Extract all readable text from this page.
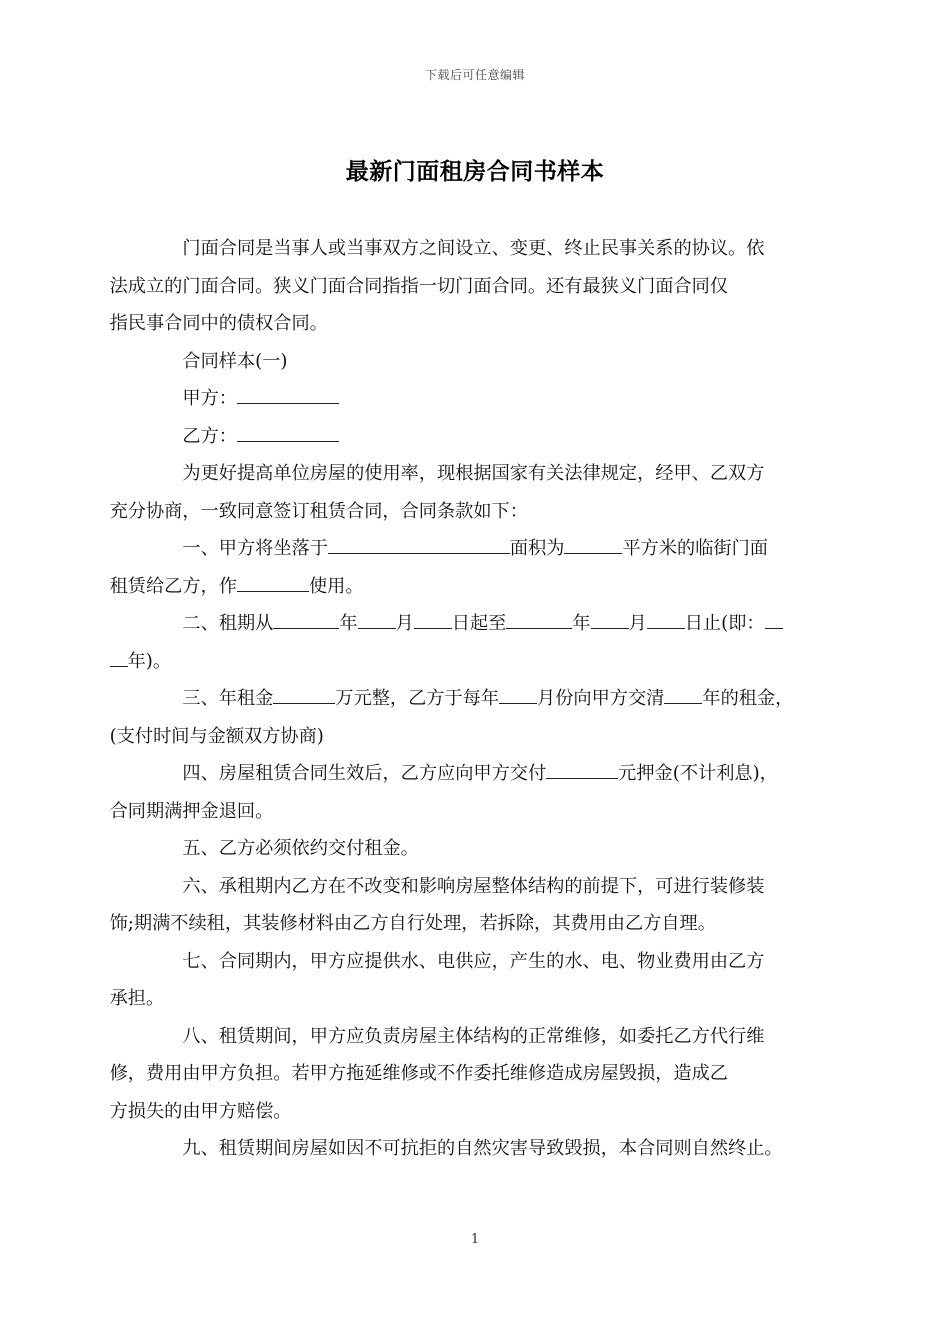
下载后可任意编辑
最新门面租房合同书样本

门面合同是当事人或当事双方之间设立、变更、终止民事关系的协议。依
法成立的门面合同。狭义门面合同指指一切门面合同。还有最狭义门面合同仅
指民事合同中的债权合同。

合同样本(一)

甲方：

乙方：

为更好提高单位房屋的使用率，现根据国家有关法律规定，经甲、乙双方
充分协商，一致同意签订租赁合同，合同条款如下：

一、甲方将坐落于	面积为	平方米的临街门面
租赁给乙方，作	使用。

二、租期从	年 月 日起至	年 月 日止(即：
年)。

三、年租金	万元整，乙方于每年 月份向甲方交清 年的租金，
(支付时间与金额双方协商)

四、房屋租赁合同生效后，乙方应向甲方交付	元押金(不计利息)，
合同期满押金退回。

五、乙方必须依约交付租金。

六、承租期内乙方在不改变和影响房屋整体结构的前提下，可进行装修装
饰;期满不续租，其装修材料由乙方自行处理，若拆除，其费用由乙方自理。

七、合同期内，甲方应提供水、电供应，产生的水、电、物业费用由乙方
承担。

八、租赁期间，甲方应负责房屋主体结构的正常维修，如委托乙方代行维
修，费用由甲方负担。若甲方拖延维修或不作委托维修造成房屋毁损，造成乙
方损失的由甲方赔偿。

九、租赁期间房屋如因不可抗拒的自然灾害导致毁损，本合同则自然终止。

1
